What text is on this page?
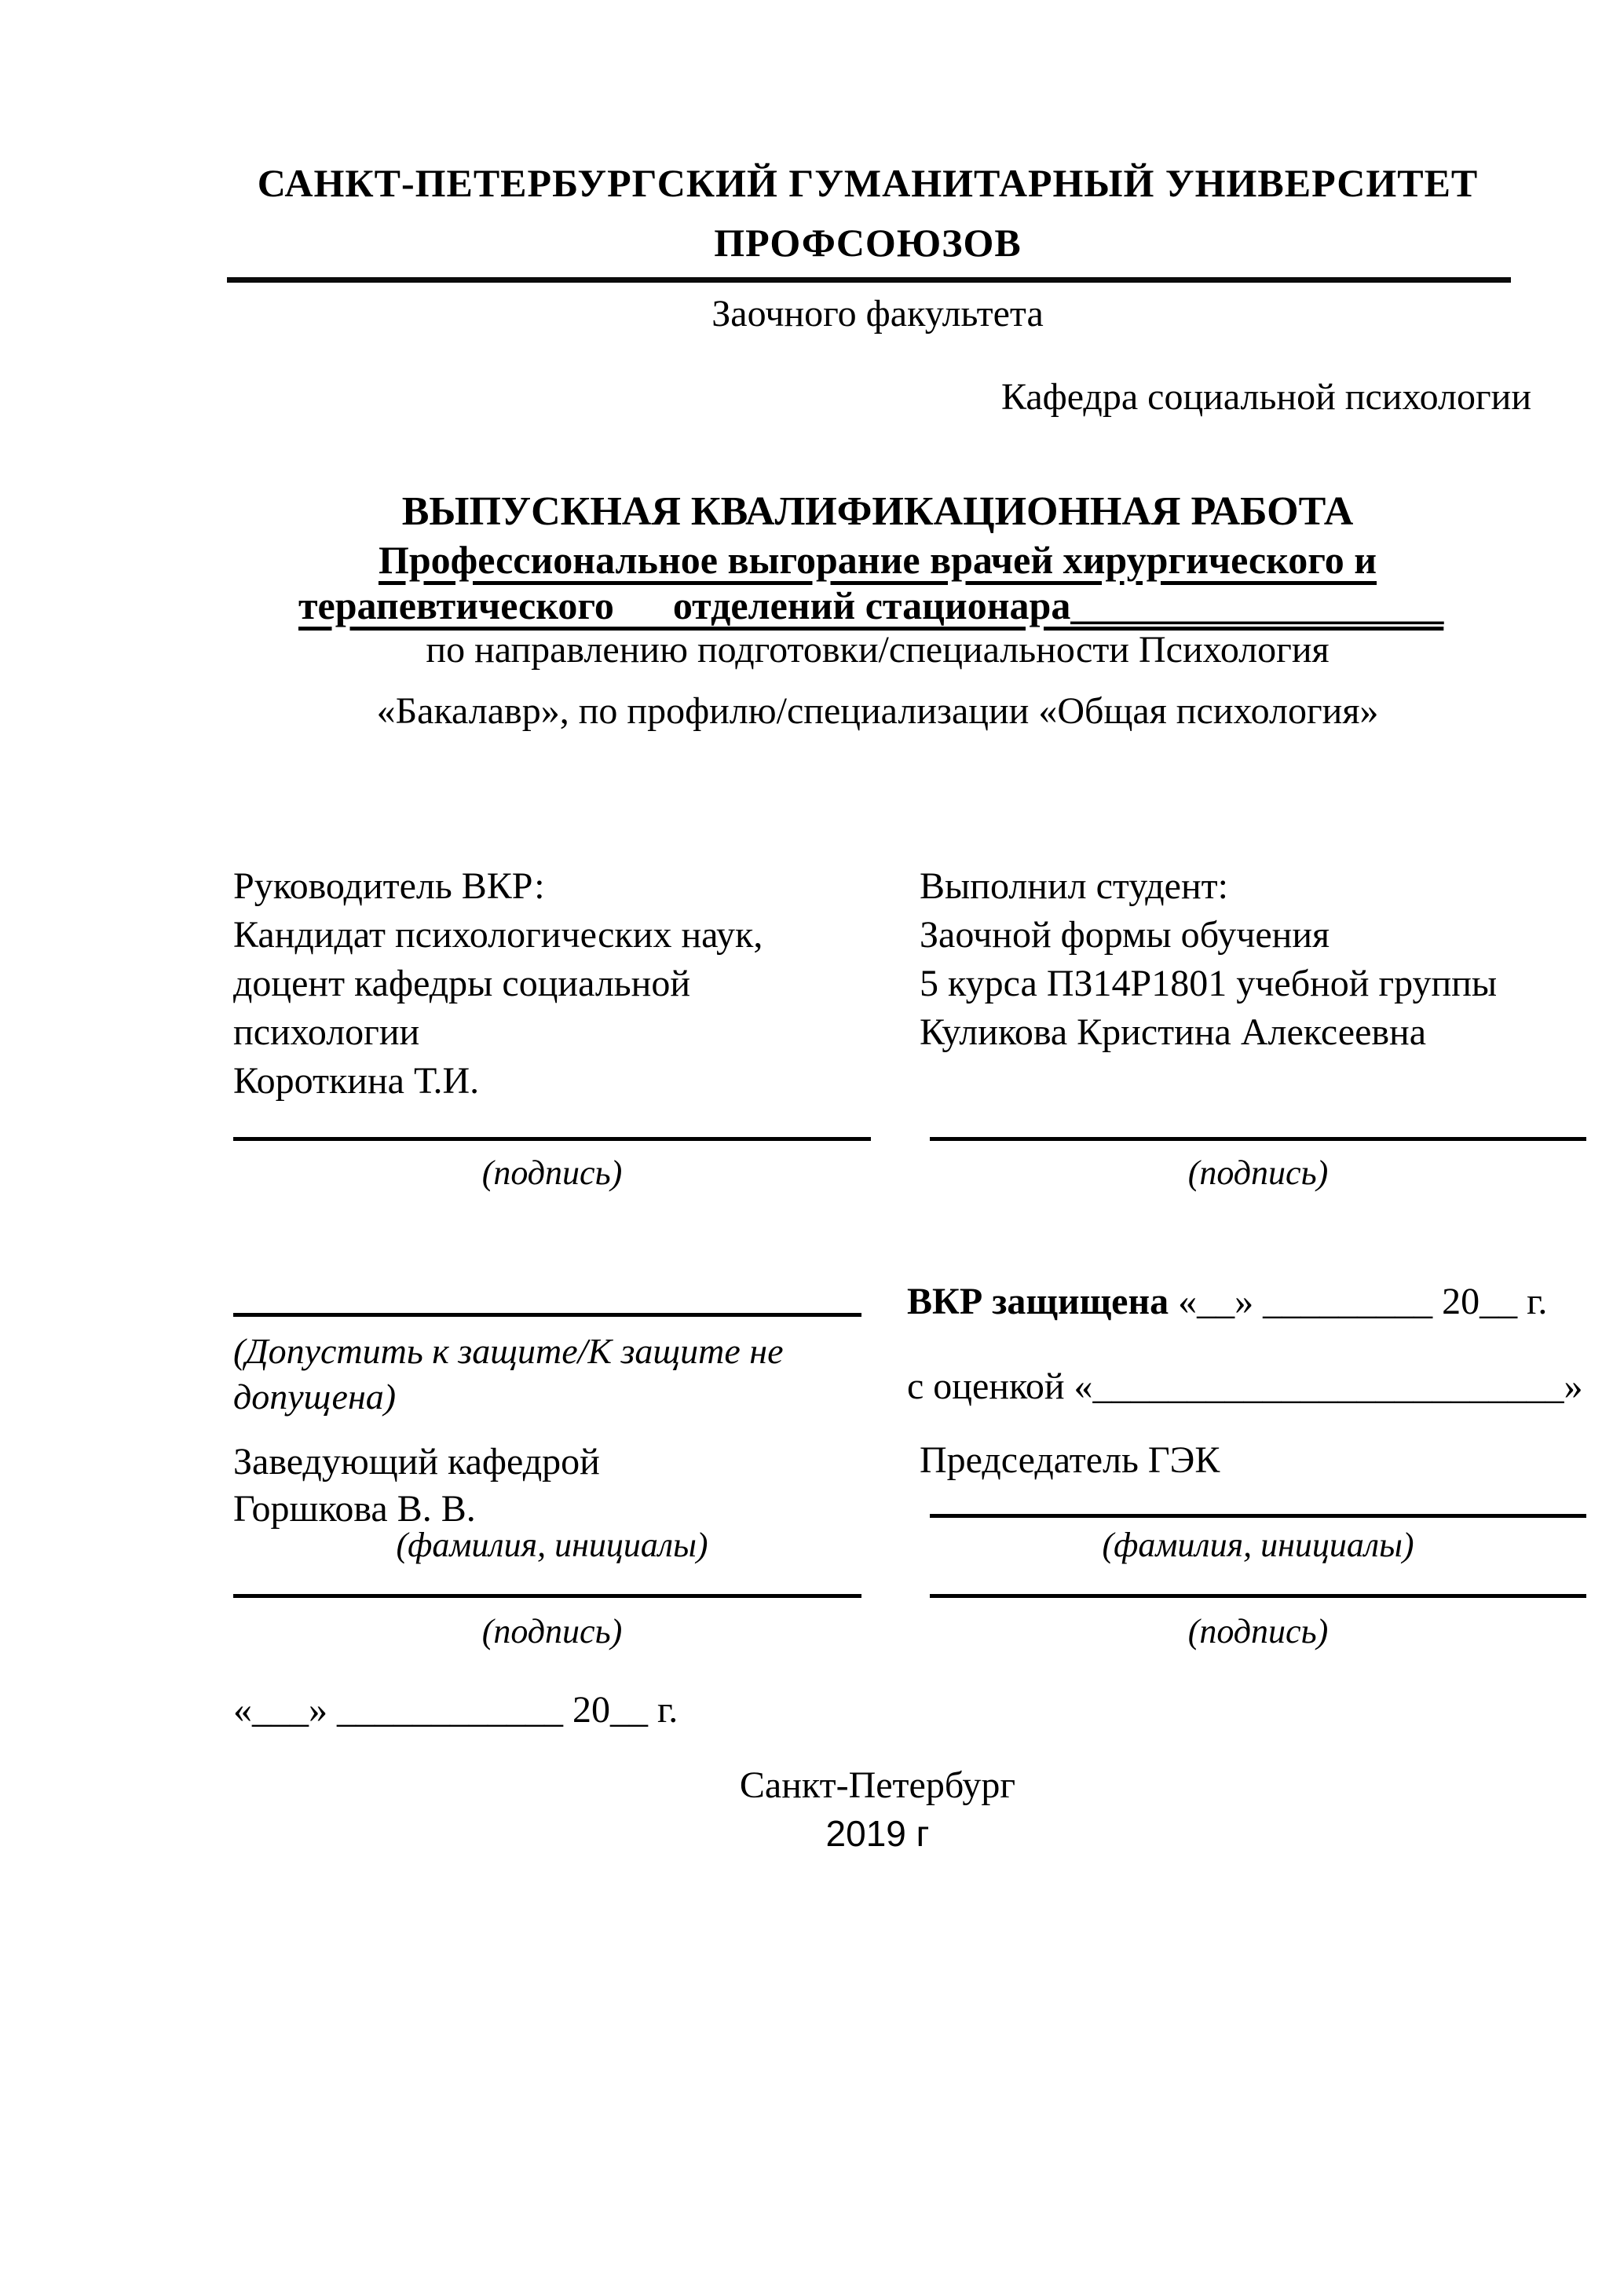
САНКТ-ПЕТЕРБУРГСКИЙ ГУМАНИТАРНЫЙ УНИВЕРСИТЕТ
ПРОФСОЮЗОВ
Заочного факультета
Кафедра социальной психологии
ВЫПУСКНАЯ КВАЛИФИКАЦИОННАЯ РАБОТА
Профессиональное выгорание врачей хирургического и
терапевтического      отделений стационара___________________
по направлению подготовки/специальности Психология
«Бакалавр», по профилю/специализации «Общая психология»
Руководитель ВКР:
Кандидат психологических наук,
доцент кафедры социальной психологии
Короткина Т.И.
Выполнил студент:
Заочной формы обучения
5 курса ПЗ14Р1801 учебной группы
Куликова Кристина Алексеевна
(подпись)	(подпись)
(Допустить к защите/К защите не
допущена)
ВКР защищена «__» _________ 20__ г.
с оценкой «_________________________»
Заведующий кафедрой
Горшкова В. В.
Председатель ГЭК
(фамилия, инициалы)	(фамилия, инициалы)
(подпись)	(подпись)
«___» ____________ 20__ г.
Санкт-Петербург
2019 г
